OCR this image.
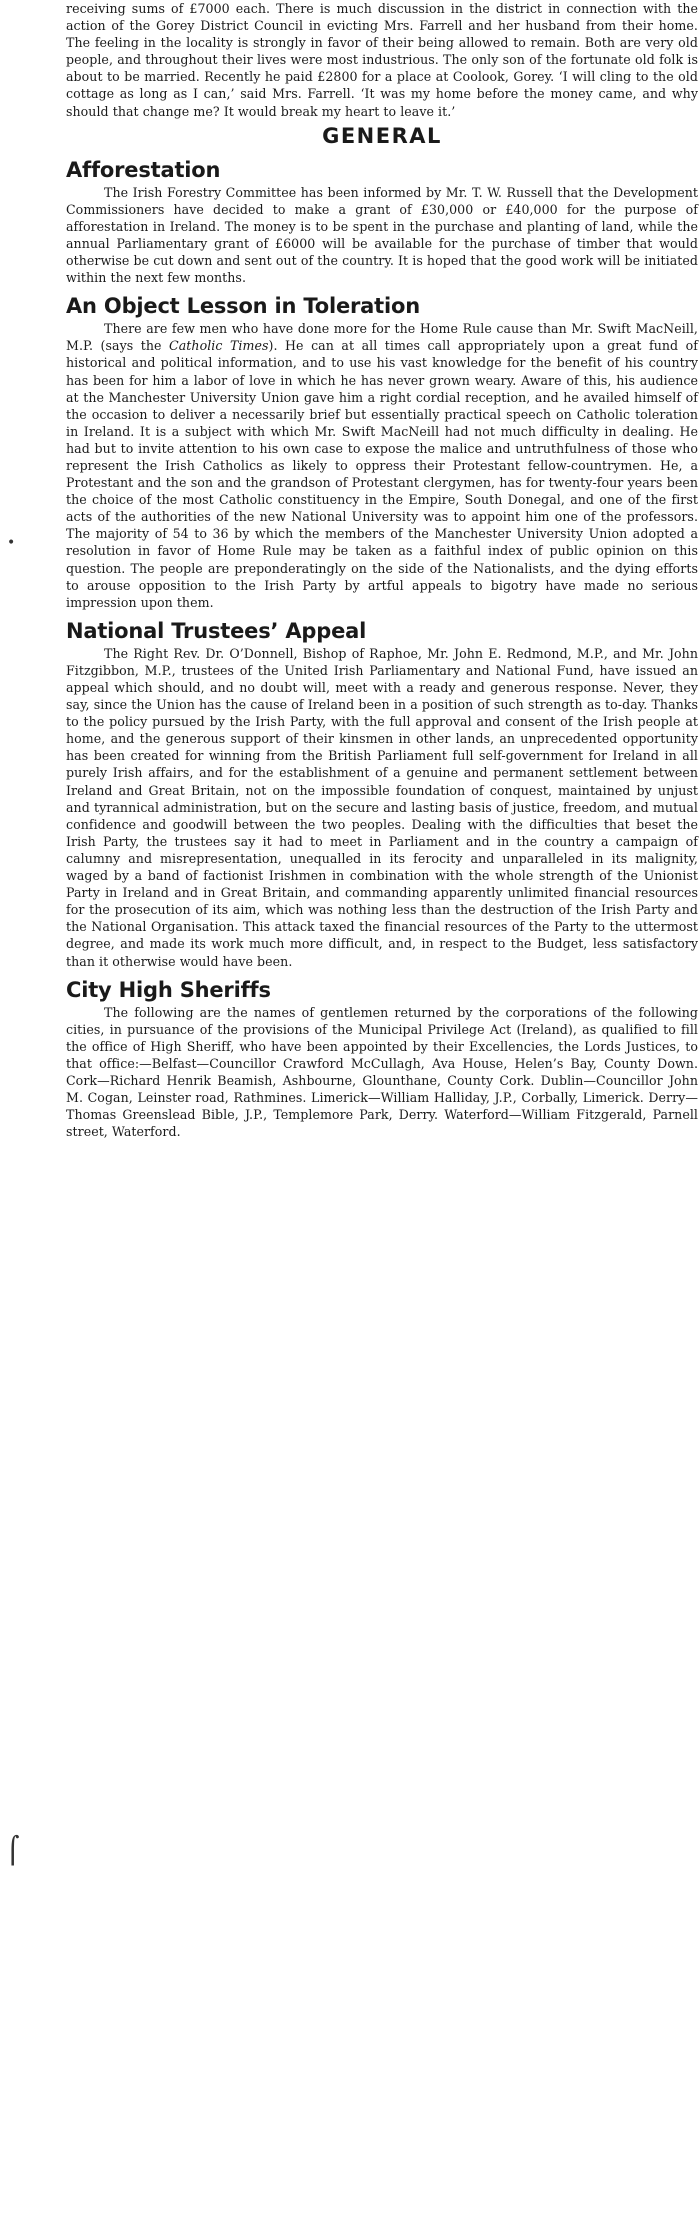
•
⌠

receiving sums of £7000 each. There is much discussion in the district in connection with the action of the Gorey District Council in evicting Mrs. Farrell and her husband from their home. The feeling in the locality is strongly in favor of their being allowed to remain. Both are very old people, and throughout their lives were most industrious. The only son of the fortunate old folk is about to be married. Recently he paid £2800 for a place at Coolook, Gorey. ‘I will cling to the old cottage as long as I can,’ said Mrs. Farrell. ‘It was my home before the money came, and why should that change me? It would break my heart to leave it.’

GENERAL
Afforestation

The Irish Forestry Committee has been informed by Mr. T. W. Russell that the Development Commissioners have decided to make a grant of £30,000 or £40,000 for the purpose of afforestation in Ireland. The money is to be spent in the purchase and planting of land, while the annual Parliamentary grant of £6000 will be available for the purchase of timber that would otherwise be cut down and sent out of the country. It is hoped that the good work will be initiated within the next few months.

An Object Lesson in Toleration

There are few men who have done more for the Home Rule cause than Mr. Swift MacNeill, M.P. (says the Catholic Times). He can at all times call appropriately upon a great fund of historical and political information, and to use his vast knowledge for the benefit of his country has been for him a labor of love in which he has never grown weary. Aware of this, his audience at the Manchester University Union gave him a right cordial reception, and he availed himself of the occasion to deliver a necessarily brief but essentially practical speech on Catholic toleration in Ireland. It is a subject with which Mr. Swift MacNeill had not much difficulty in dealing. He had but to invite attention to his own case to expose the malice and untruthfulness of those who represent the Irish Catholics as likely to oppress their Protestant fellow-countrymen. He, a Protestant and the son and the grandson of Protestant clergymen, has for twenty-four years been the choice of the most Catholic constituency in the Empire, South Donegal, and one of the first acts of the authorities of the new National University was to appoint him one of the professors. The majority of 54 to 36 by which the members of the Manchester University Union adopted a resolution in favor of Home Rule may be taken as a faithful index of public opinion on this question. The people are preponderatingly on the side of the Nationalists, and the dying efforts to arouse opposition to the Irish Party by artful appeals to bigotry have made no serious impression upon them.

National Trustees’ Appeal

The Right Rev. Dr. O’Donnell, Bishop of Raphoe, Mr. John E. Redmond, M.P., and Mr. John Fitzgibbon, M.P., trustees of the United Irish Parliamentary and National Fund, have issued an appeal which should, and no doubt will, meet with a ready and generous response. Never, they say, since the Union has the cause of Ireland been in a position of such strength as to-day. Thanks to the policy pursued by the Irish Party, with the full approval and consent of the Irish people at home, and the generous support of their kinsmen in other lands, an unprecedented opportunity has been created for winning from the British Parliament full self-government for Ireland in all purely Irish affairs, and for the establishment of a genuine and permanent settlement between Ireland and Great Britain, not on the impossible foundation of conquest, maintained by unjust and tyrannical administration, but on the secure and lasting basis of justice, freedom, and mutual confidence and goodwill between the two peoples. Dealing with the difficulties that beset the Irish Party, the trustees say it had to meet in Parliament and in the country a campaign of calumny and misrepresentation, unequalled in its ferocity and unparalleled in its malignity, waged by a band of factionist Irishmen in combination with the whole strength of the Unionist Party in Ireland and in Great Britain, and commanding apparently unlimited financial resources for the prosecution of its aim, which was nothing less than the destruction of the Irish Party and the National Organisation. This attack taxed the financial resources of the Party to the uttermost degree, and made its work much more difficult, and, in respect to the Budget, less satisfactory than it otherwise would have been.

City High Sheriffs

The following are the names of gentlemen returned by the corporations of the following cities, in pursuance of the provisions of the Municipal Privilege Act (Ireland), as qualified to fill the office of High Sheriff, who have been appointed by their Excellencies, the Lords Justices, to that office:—Belfast—Councillor Crawford McCullagh, Ava House, Helen’s Bay, County Down. Cork—Richard Henrik Beamish, Ashbourne, Glounthane, County Cork. Dublin—Councillor John M. Cogan, Leinster road, Rathmines. Limerick—William Halliday, J.P., Corbally, Limerick. Derry—Thomas Greenslead Bible, J.P., Templemore Park, Derry. Waterford—William Fitzgerald, Parnell street, Waterford.
